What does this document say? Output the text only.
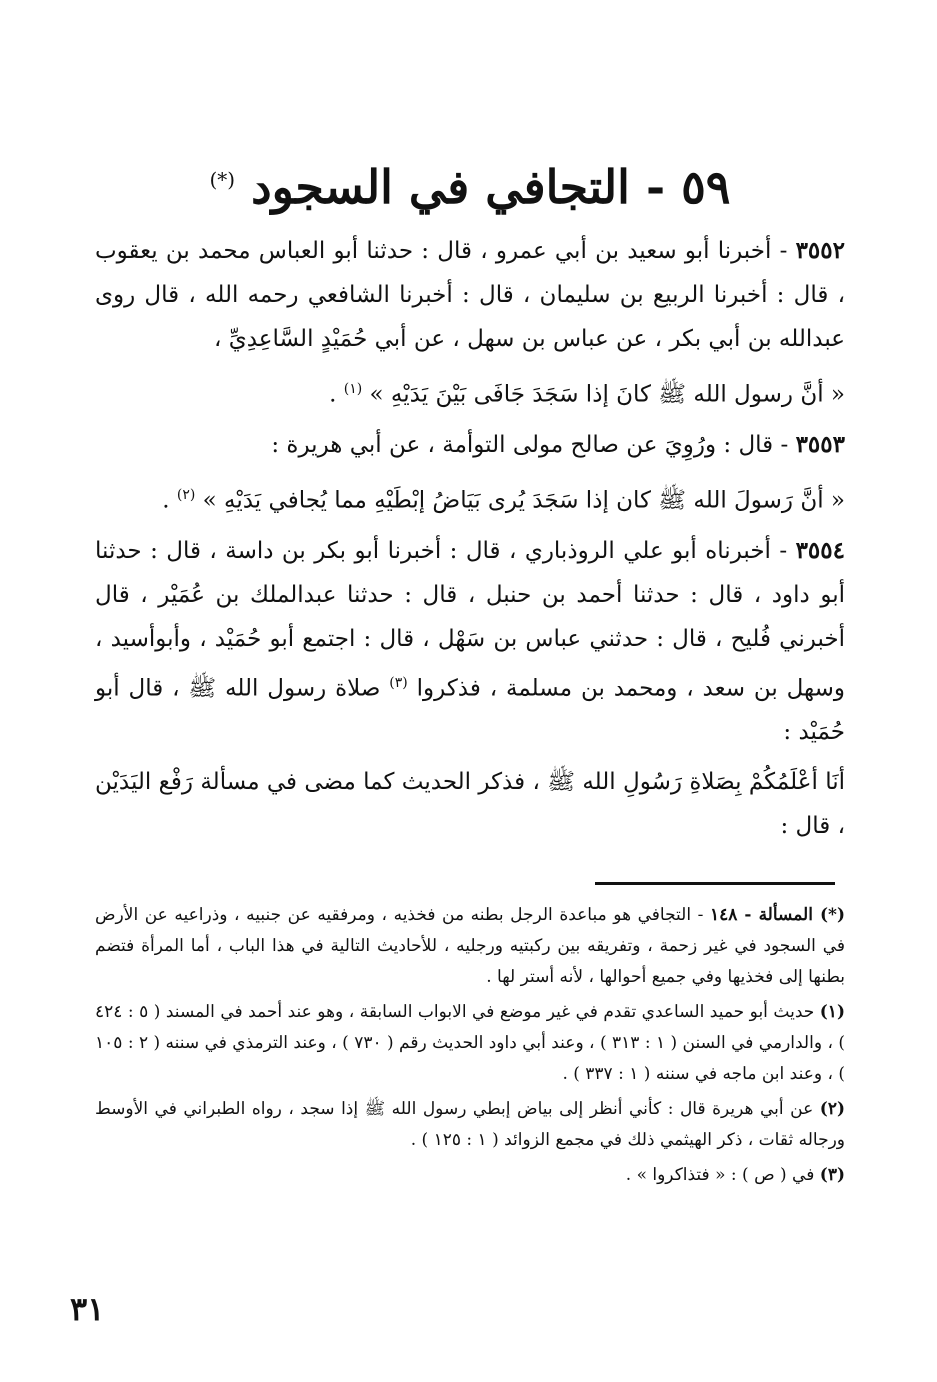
٥٩ - التجافي في السجود (*)

٣٥٥٢ - أخبرنا أبو سعيد بن أبي عمرو ، قال : حدثنا أبو العباس محمد بن يعقوب ، قال : أخبرنا الربيع بن سليمان ، قال : أخبرنا الشافعي رحمه الله ، قال روى عبدالله بن أبي بكر ، عن عباس بن سهل ، عن أبي حُمَيْدٍ السَّاعِدِيِّ ،

« أنَّ رسول الله ﷺ كانَ إذا سَجَدَ جَافَى بَيْنَ يَدَيْهِ » $^{(١)}$ .

٣٥٥٣ - قال : ورُوِيَ عن صالح مولى التوأمة ، عن أبي هريرة :

« أنَّ رَسولَ الله ﷺ كان إذا سَجَدَ يُرى بَيَاضُ إبْطَيْهِ مما يُجافي يَدَيْهِ » $^{(٢)}$ .

٣٥٥٤ - أخبرناه أبو علي الروذباري ، قال : أخبرنا أبو بكر بن داسة ، قال : حدثنا أبو داود ، قال : حدثنا أحمد بن حنبل ، قال : حدثنا عبدالملك بن عُمَيْر ، قال أخبرني فُليح ، قال : حدثني عباس بن سَهْل ، قال : اجتمع أبو حُمَيْد ، وأبوأسيد ، وسهل بن سعد ، ومحمد بن مسلمة ، فذكروا $^{(٣)}$ صلاة رسول الله ﷺ ، قال أبو حُمَيْد :

أنَا أعْلَمُكُمْ بِصَلاةِ رَسُولِ الله ﷺ ، فذكر الحديث كما مضى في مسألة رَفْع اليَدَيْن ، قال :

(*) المسألة - ١٤٨ - التجافي هو مباعدة الرجل بطنه من فخذيه ، ومرفقيه عن جنبيه ، وذراعيه عن الأرض في السجود في غير زحمة ، وتفريقه بين ركبتيه ورجليه ، للأحاديث التالية في هذا الباب ، أما المرأة فتضم بطنها إلى فخذيها وفي جميع أحوالها ، لأنه أستر لها .

(١) حديث أبو حميد الساعدي تقدم في غير موضع في الابواب السابقة ، وهو عند أحمد في المسند ( ٥ : ٤٢٤ ) ، والدارمي في السنن ( ١ : ٣١٣ ) ، وعند أبي داود الحديث رقم ( ٧٣٠ ) ، وعند الترمذي في سننه ( ٢ : ١٠٥ ) ، وعند ابن ماجه في سننه ( ١ : ٣٣٧ ) .

(٢) عن أبي هريرة قال : كأني أنظر إلى بياض إبطي رسول الله ﷺ إذا سجد ، رواه الطبراني في الأوسط ورجاله ثقات ، ذكر الهيثمي ذلك في مجمع الزوائد ( ١ : ١٢٥ ) .

(٣) في ( ص ) : « فتذاكروا » .

٣١
